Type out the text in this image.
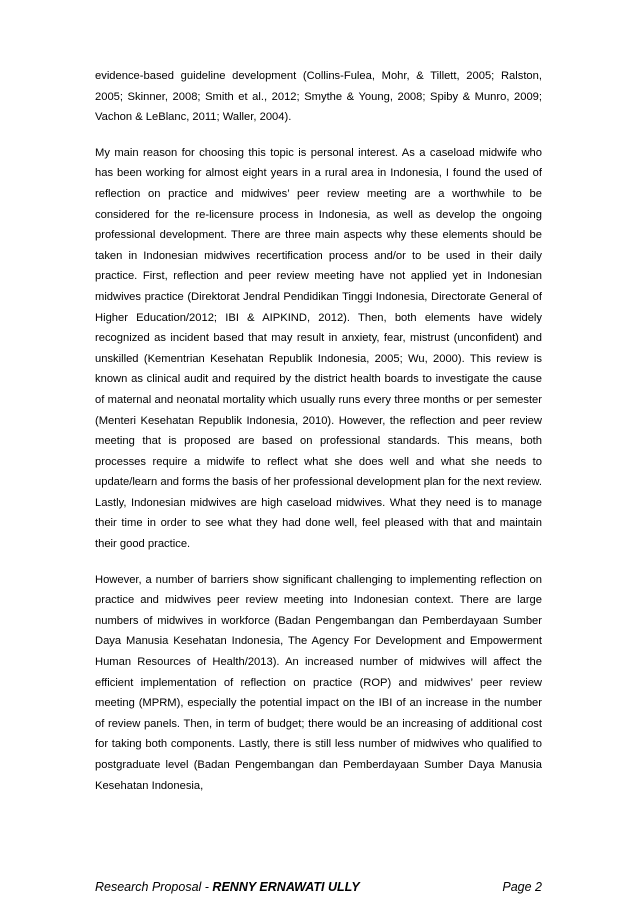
evidence-based guideline development (Collins-Fulea, Mohr, & Tillett, 2005; Ralston, 2005; Skinner, 2008; Smith et al., 2012; Smythe & Young, 2008; Spiby & Munro, 2009; Vachon & LeBlanc, 2011; Waller, 2004).

My main reason for choosing this topic is personal interest. As a caseload midwife who has been working for almost eight years in a rural area in Indonesia, I found the used of reflection on practice and midwives’ peer review meeting are a worthwhile to be considered for the re-licensure process in Indonesia, as well as develop the ongoing professional development. There are three main aspects why these elements should be taken in Indonesian midwives recertification process and/or to be used in their daily practice. First, reflection and peer review meeting have not applied yet in Indonesian midwives practice (Direktorat Jendral Pendidikan Tinggi Indonesia, Directorate General of Higher Education/2012; IBI & AIPKIND, 2012). Then, both elements have widely recognized as incident based that may result in anxiety, fear, mistrust (unconfident) and unskilled (Kementrian Kesehatan Republik Indonesia, 2005; Wu, 2000). This review is known as clinical audit and required by the district health boards to investigate the cause of maternal and neonatal mortality which usually runs every three months or per semester (Menteri Kesehatan Republik Indonesia, 2010). However, the reflection and peer review meeting that is proposed are based on professional standards. This means, both processes require a midwife to reflect what she does well and what she needs to update/learn and forms the basis of her professional development plan for the next review. Lastly, Indonesian midwives are high caseload midwives. What they need is to manage their time in order to see what they had done well, feel pleased with that and maintain their good practice.

However, a number of barriers show significant challenging to implementing reflection on practice and midwives peer review meeting into Indonesian context. There are large numbers of midwives in workforce (Badan Pengembangan dan Pemberdayaan Sumber Daya Manusia Kesehatan Indonesia, The Agency For Development and Empowerment Human Resources of Health/2013). An increased number of midwives will affect the efficient implementation of reflection on practice (ROP) and midwives’ peer review meeting (MPRM), especially the potential impact on the IBI of an increase in the number of review panels. Then, in term of budget; there would be an increasing of additional cost for taking both components. Lastly, there is still less number of midwives who qualified to postgraduate level (Badan Pengembangan dan Pemberdayaan Sumber Daya Manusia Kesehatan Indonesia,

Research Proposal - RENNY ERNAWATI ULLY	Page 2
